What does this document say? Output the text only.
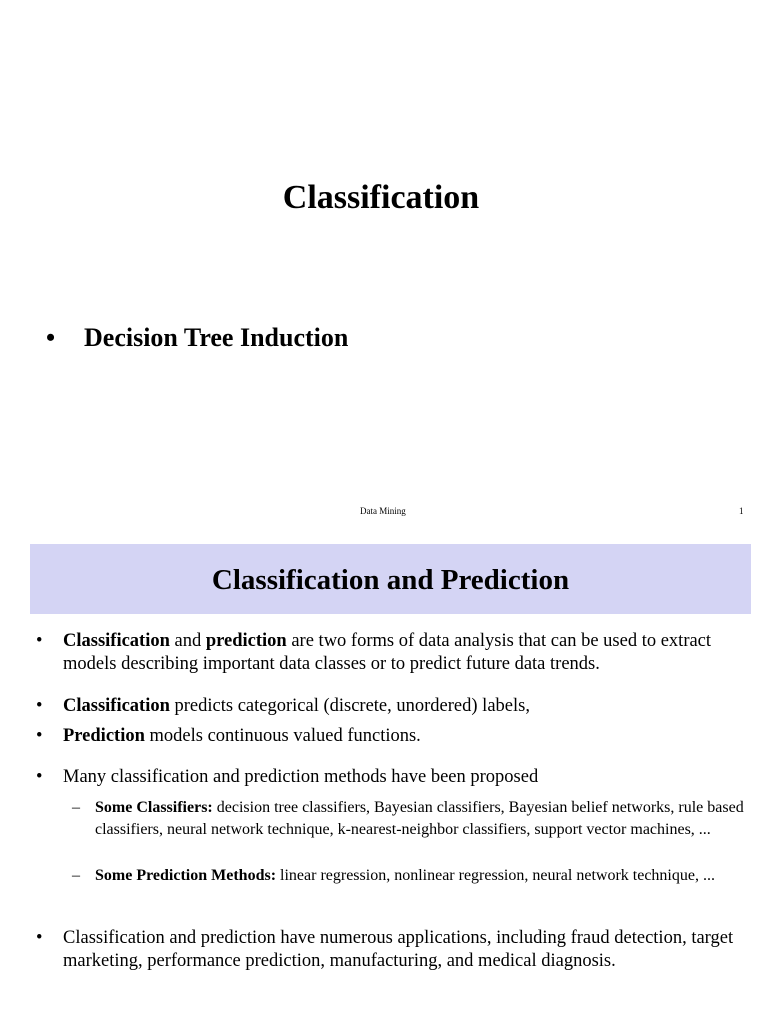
Classification
• Decision Tree Induction
Data Mining	1
Classification and Prediction
• Classification and prediction are two forms of data analysis that can be used to extract models describing important data classes or to predict future data trends.
• Classification predicts categorical (discrete, unordered) labels,
• Prediction models continuous valued functions.
• Many classification and prediction methods have been proposed
– Some Classifiers: decision tree classifiers, Bayesian classifiers, Bayesian belief networks, rule based classifiers, neural network technique, k-nearest-neighbor classifiers, support vector machines, ...
– Some Prediction Methods: linear regression, nonlinear regression, neural network technique, ...
• Classification and prediction have numerous applications, including fraud detection, target marketing, performance prediction, manufacturing, and medical diagnosis.
